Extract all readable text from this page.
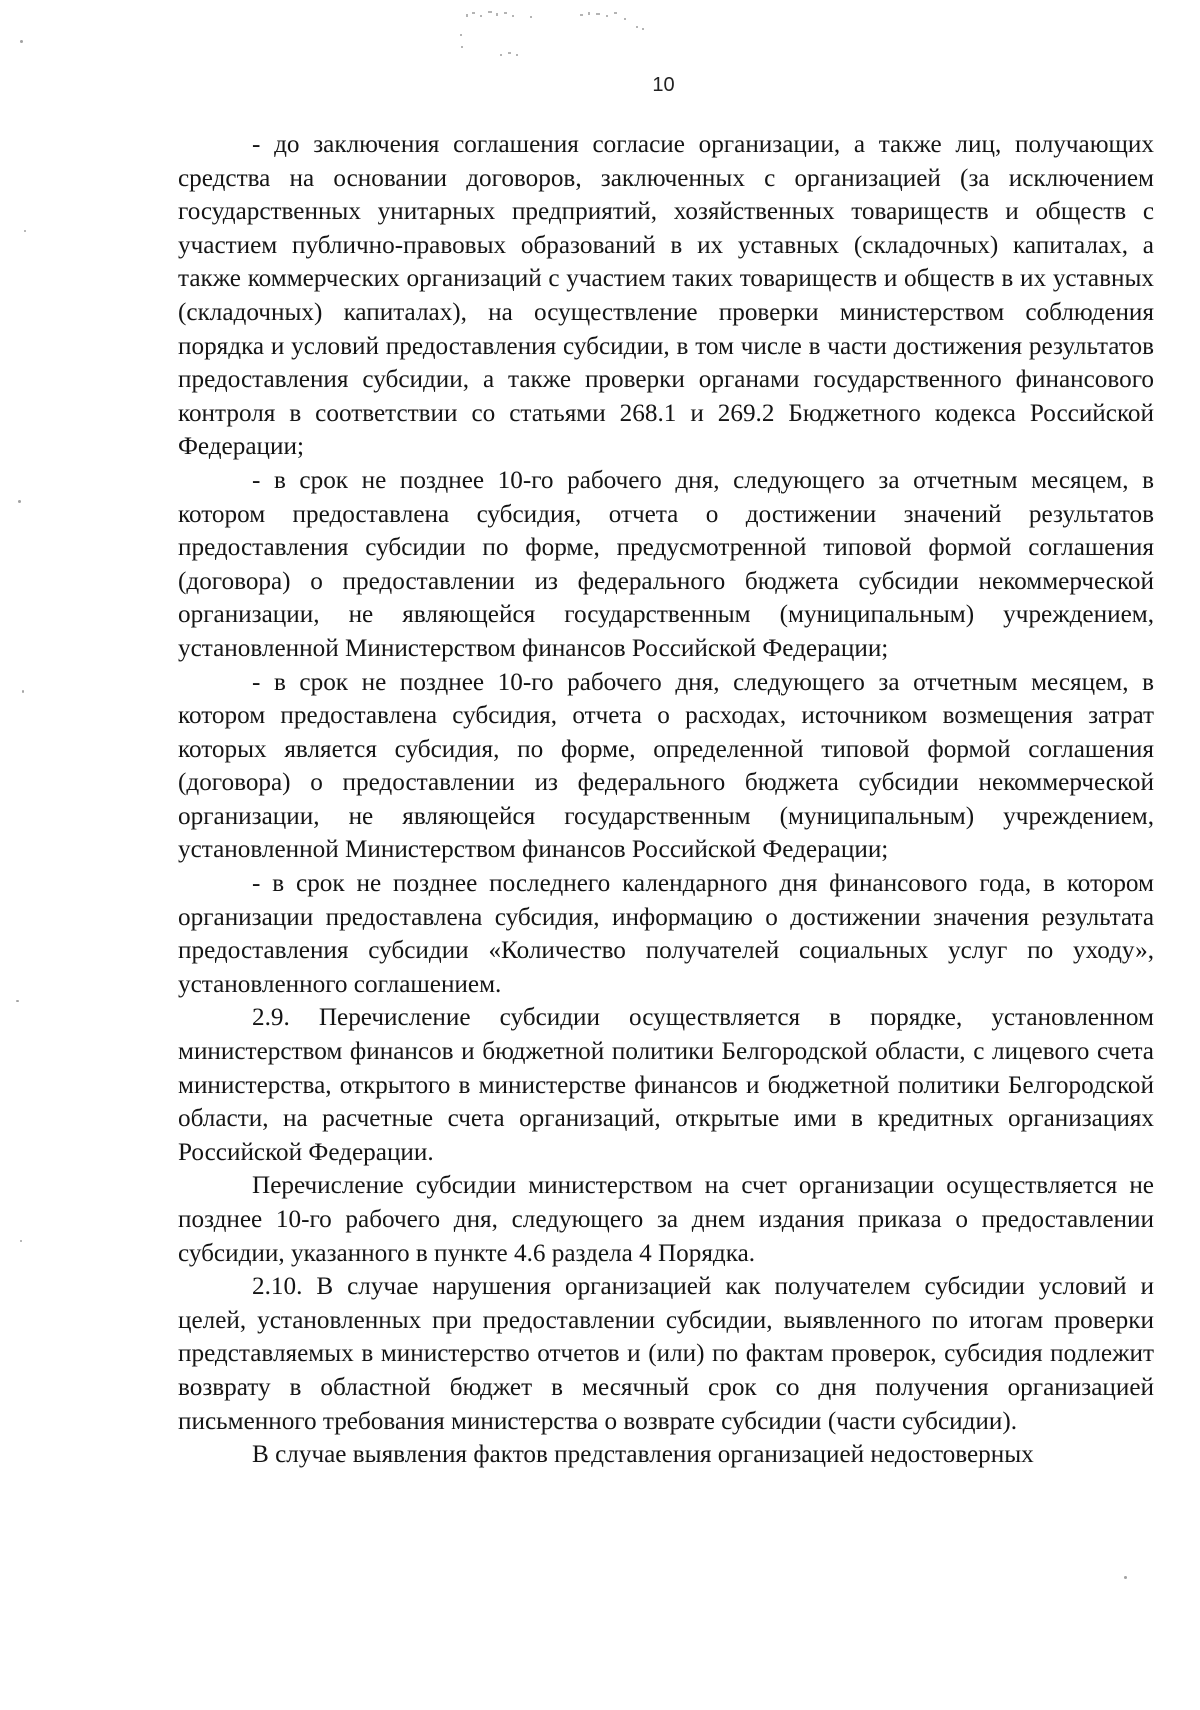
10

- до заключения соглашения согласие организации, а также лиц, получающих средства на основании договоров, заключенных с организацией (за исключением государственных унитарных предприятий, хозяйственных товариществ и обществ с участием публично-правовых образований в их уставных (складочных) капиталах, а также коммерческих организаций с участием таких товариществ и обществ в их уставных (складочных) капиталах), на осуществление проверки министерством соблюдения порядка и условий предоставления субсидии, в том числе в части достижения результатов предоставления субсидии, а также проверки органами государственного финансового контроля в соответствии со статьями 268.1 и 269.2 Бюджетного кодекса Российской Федерации;

- в срок не позднее 10-го рабочего дня, следующего за отчетным месяцем, в котором предоставлена субсидия, отчета о достижении значений результатов предоставления субсидии по форме, предусмотренной типовой формой соглашения (договора) о предоставлении из федерального бюджета субсидии некоммерческой организации, не являющейся государственным (муниципальным) учреждением, установленной Министерством финансов Российской Федерации;

- в срок не позднее 10-го рабочего дня, следующего за отчетным месяцем, в котором предоставлена субсидия, отчета о расходах, источником возмещения затрат которых является субсидия, по форме, определенной типовой формой соглашения (договора) о предоставлении из федерального бюджета субсидии некоммерческой организации, не являющейся государственным (муниципальным) учреждением, установленной Министерством финансов Российской Федерации;

- в срок не позднее последнего календарного дня финансового года, в котором организации предоставлена субсидия, информацию о достижении значения результата предоставления субсидии «Количество получателей социальных услуг по уходу», установленного соглашением.

2.9. Перечисление субсидии осуществляется в порядке, установленном министерством финансов и бюджетной политики Белгородской области, с лицевого счета министерства, открытого в министерстве финансов и бюджетной политики Белгородской области, на расчетные счета организаций, открытые ими в кредитных организациях Российской Федерации.

Перечисление субсидии министерством на счет организации осуществляется не позднее 10-го рабочего дня, следующего за днем издания приказа о предоставлении субсидии, указанного в пункте 4.6 раздела 4 Порядка.

2.10. В случае нарушения организацией как получателем субсидии условий и целей, установленных при предоставлении субсидии, выявленного по итогам проверки представляемых в министерство отчетов и (или) по фактам проверок, субсидия подлежит возврату в областной бюджет в месячный срок со дня получения организацией письменного требования министерства о возврате субсидии (части субсидии).

В случае выявления фактов представления организацией недостоверных
